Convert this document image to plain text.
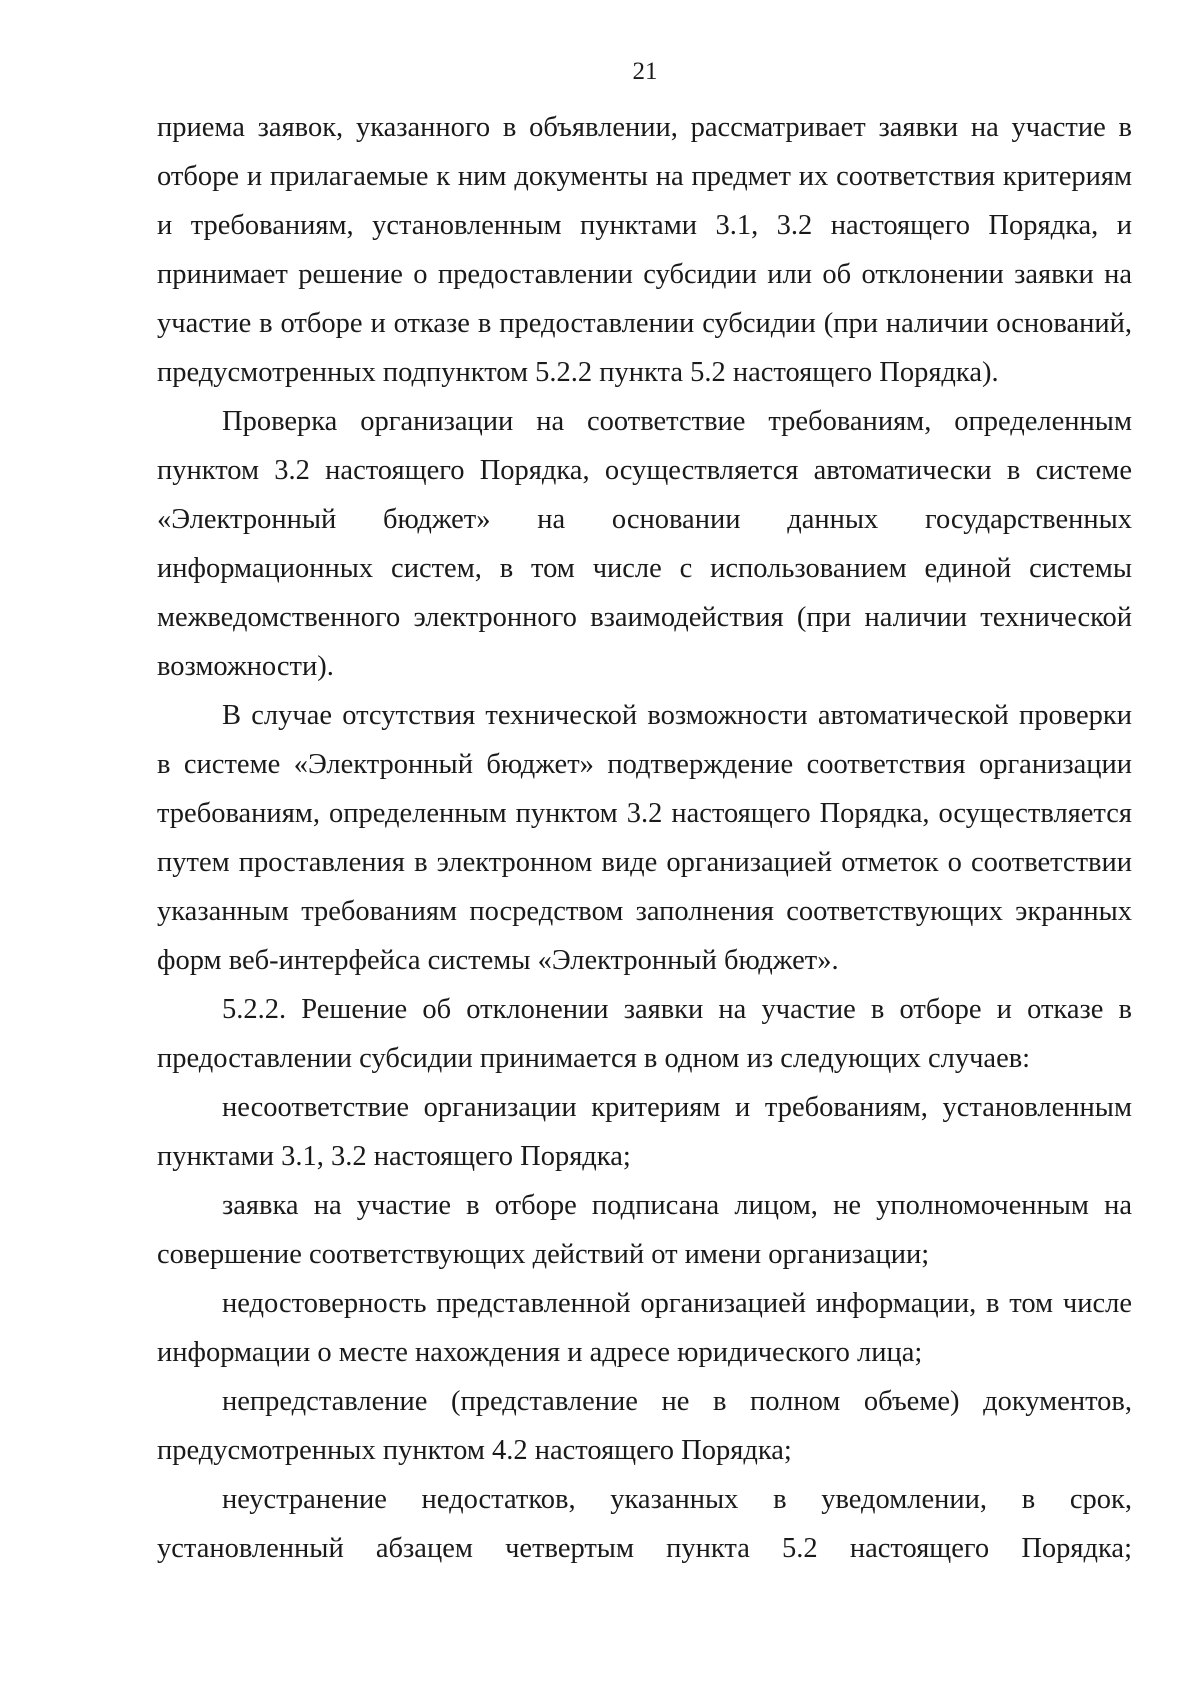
21

приема заявок, указанного в объявлении, рассматривает заявки на участие в отборе и прилагаемые к ним документы на предмет их соответствия критериям и требованиям, установленным пунктами 3.1, 3.2 настоящего Порядка, и принимает решение о предоставлении субсидии или об отклонении заявки на участие в отборе и отказе в предоставлении субсидии (при наличии оснований, предусмотренных подпунктом 5.2.2 пункта 5.2 настоящего Порядка).

Проверка организации на соответствие требованиям, определенным пунктом 3.2 настоящего Порядка, осуществляется автоматически в системе «Электронный бюджет» на основании данных государственных информационных систем, в том числе с использованием единой системы межведомственного электронного взаимодействия (при наличии технической возможности).

В случае отсутствия технической возможности автоматической проверки в системе «Электронный бюджет» подтверждение соответствия организации требованиям, определенным пунктом 3.2 настоящего Порядка, осуществляется путем проставления в электронном виде организацией отметок о соответствии указанным требованиям посредством заполнения соответствующих экранных форм веб-интерфейса системы «Электронный бюджет».

5.2.2. Решение об отклонении заявки на участие в отборе и отказе в предоставлении субсидии принимается в одном из следующих случаев:

несоответствие организации критериям и требованиям, установленным пунктами 3.1, 3.2 настоящего Порядка;

заявка на участие в отборе подписана лицом, не уполномоченным на совершение соответствующих действий от имени организации;

недостоверность представленной организацией информации, в том числе информации о месте нахождения и адресе юридического лица;

непредставление (представление не в полном объеме) документов, предусмотренных пунктом 4.2 настоящего Порядка;

неустранение недостатков, указанных в уведомлении, в срок, установленный абзацем четвертым пункта 5.2 настоящего Порядка;
